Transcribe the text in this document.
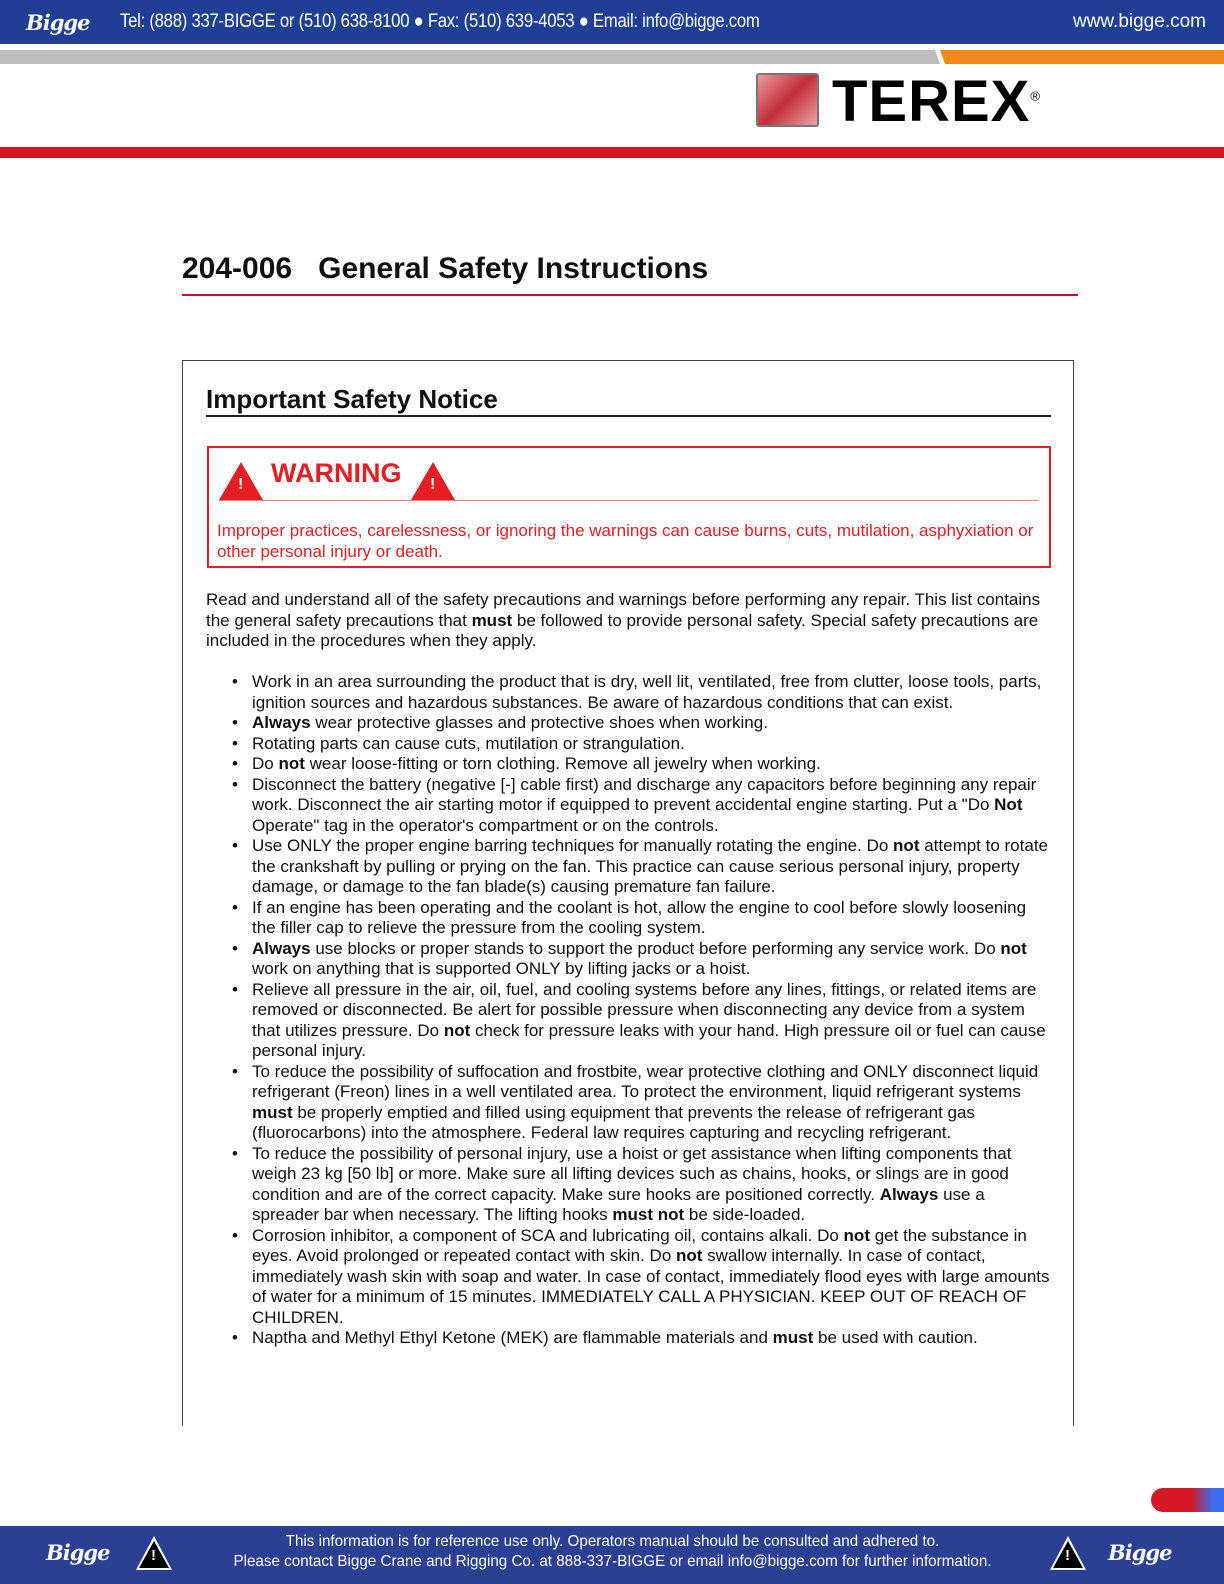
Bigge Tel: (888) 337-BIGGE or (510) 638-8100 ● Fax: (510) 639-4053 ● Email: info@bigge.com	www.bigge.com
TEREX®
204-006 General Safety Instructions
Important Safety Notice
!
WARNING
!
Improper practices, carelessness, or ignoring the warnings can cause burns, cuts, mutilation, asphyxiation or other personal injury or death.

Read and understand all of the safety precautions and warnings before performing any repair. This list contains the general safety precautions that must be followed to provide personal safety. Special safety precautions are included in the procedures when they apply.

• Work in an area surrounding the product that is dry, well lit, ventilated, free from clutter, loose tools, parts, ignition sources and hazardous substances. Be aware of hazardous conditions that can exist.
• Always wear protective glasses and protective shoes when working.
• Rotating parts can cause cuts, mutilation or strangulation.
• Do not wear loose-fitting or torn clothing. Remove all jewelry when working.
• Disconnect the battery (negative [-] cable first) and discharge any capacitors before beginning any repair work. Disconnect the air starting motor if equipped to prevent accidental engine starting. Put a "Do Not Operate" tag in the operator's compartment or on the controls.
• Use ONLY the proper engine barring techniques for manually rotating the engine. Do not attempt to rotate the crankshaft by pulling or prying on the fan. This practice can cause serious personal injury, property damage, or damage to the fan blade(s) causing premature fan failure.
• If an engine has been operating and the coolant is hot, allow the engine to cool before slowly loosening the filler cap to relieve the pressure from the cooling system.
• Always use blocks or proper stands to support the product before performing any service work. Do not work on anything that is supported ONLY by lifting jacks or a hoist.
• Relieve all pressure in the air, oil, fuel, and cooling systems before any lines, fittings, or related items are removed or disconnected. Be alert for possible pressure when disconnecting any device from a system that utilizes pressure. Do not check for pressure leaks with your hand. High pressure oil or fuel can cause personal injury.
• To reduce the possibility of suffocation and frostbite, wear protective clothing and ONLY disconnect liquid refrigerant (Freon) lines in a well ventilated area. To protect the environment, liquid refrigerant systems must be properly emptied and filled using equipment that prevents the release of refrigerant gas (fluorocarbons) into the atmosphere. Federal law requires capturing and recycling refrigerant.
• To reduce the possibility of personal injury, use a hoist or get assistance when lifting components that weigh 23 kg [50 lb] or more. Make sure all lifting devices such as chains, hooks, or slings are in good condition and are of the correct capacity. Make sure hooks are positioned correctly. Always use a spreader bar when necessary. The lifting hooks must not be side-loaded.
• Corrosion inhibitor, a component of SCA and lubricating oil, contains alkali. Do not get the substance in eyes. Avoid prolonged or repeated contact with skin. Do not swallow internally. In case of contact, immediately wash skin with soap and water. In case of contact, immediately flood eyes with large amounts of water for a minimum of 15 minutes. IMMEDIATELY CALL A PHYSICIAN. KEEP OUT OF REACH OF CHILDREN.
• Naptha and Methyl Ethyl Ketone (MEK) are flammable materials and must be used with caution.
Bigge !	This information is for reference use only. Operators manual should be consulted and adhered to.
Please contact Bigge Crane and Rigging Co. at 888-337-BIGGE or email info@bigge.com for further information. !	Bigge
